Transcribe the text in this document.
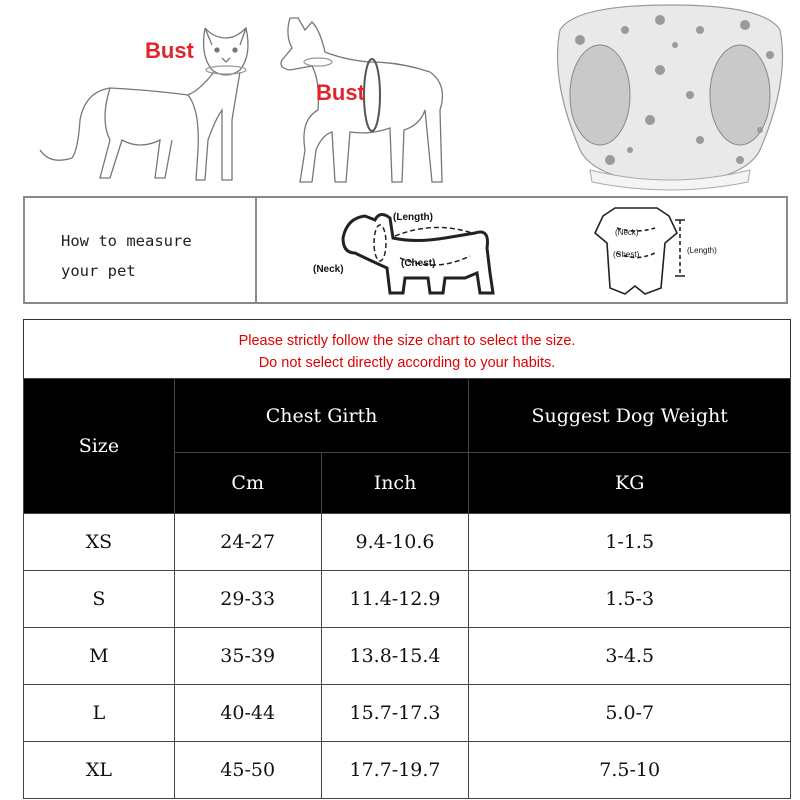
Bust
Bust
How to measure
your pet
(Length)
(Neck)
(Chest)
(Neck)
(Chest)	(Length)
Please strictly follow the size chart to select the size.
Do not select directly according to your habits.
Size	Chest Girth		Suggest Dog Weight
	Cm	Inch	KG
XS	24-27	9.4-10.6	1-1.5
S	29-33	11.4-12.9	1.5-3
M	35-39	13.8-15.4	3-4.5
L	40-44	15.7-17.3	5.0-7
XL	45-50	17.7-19.7	7.5-10
